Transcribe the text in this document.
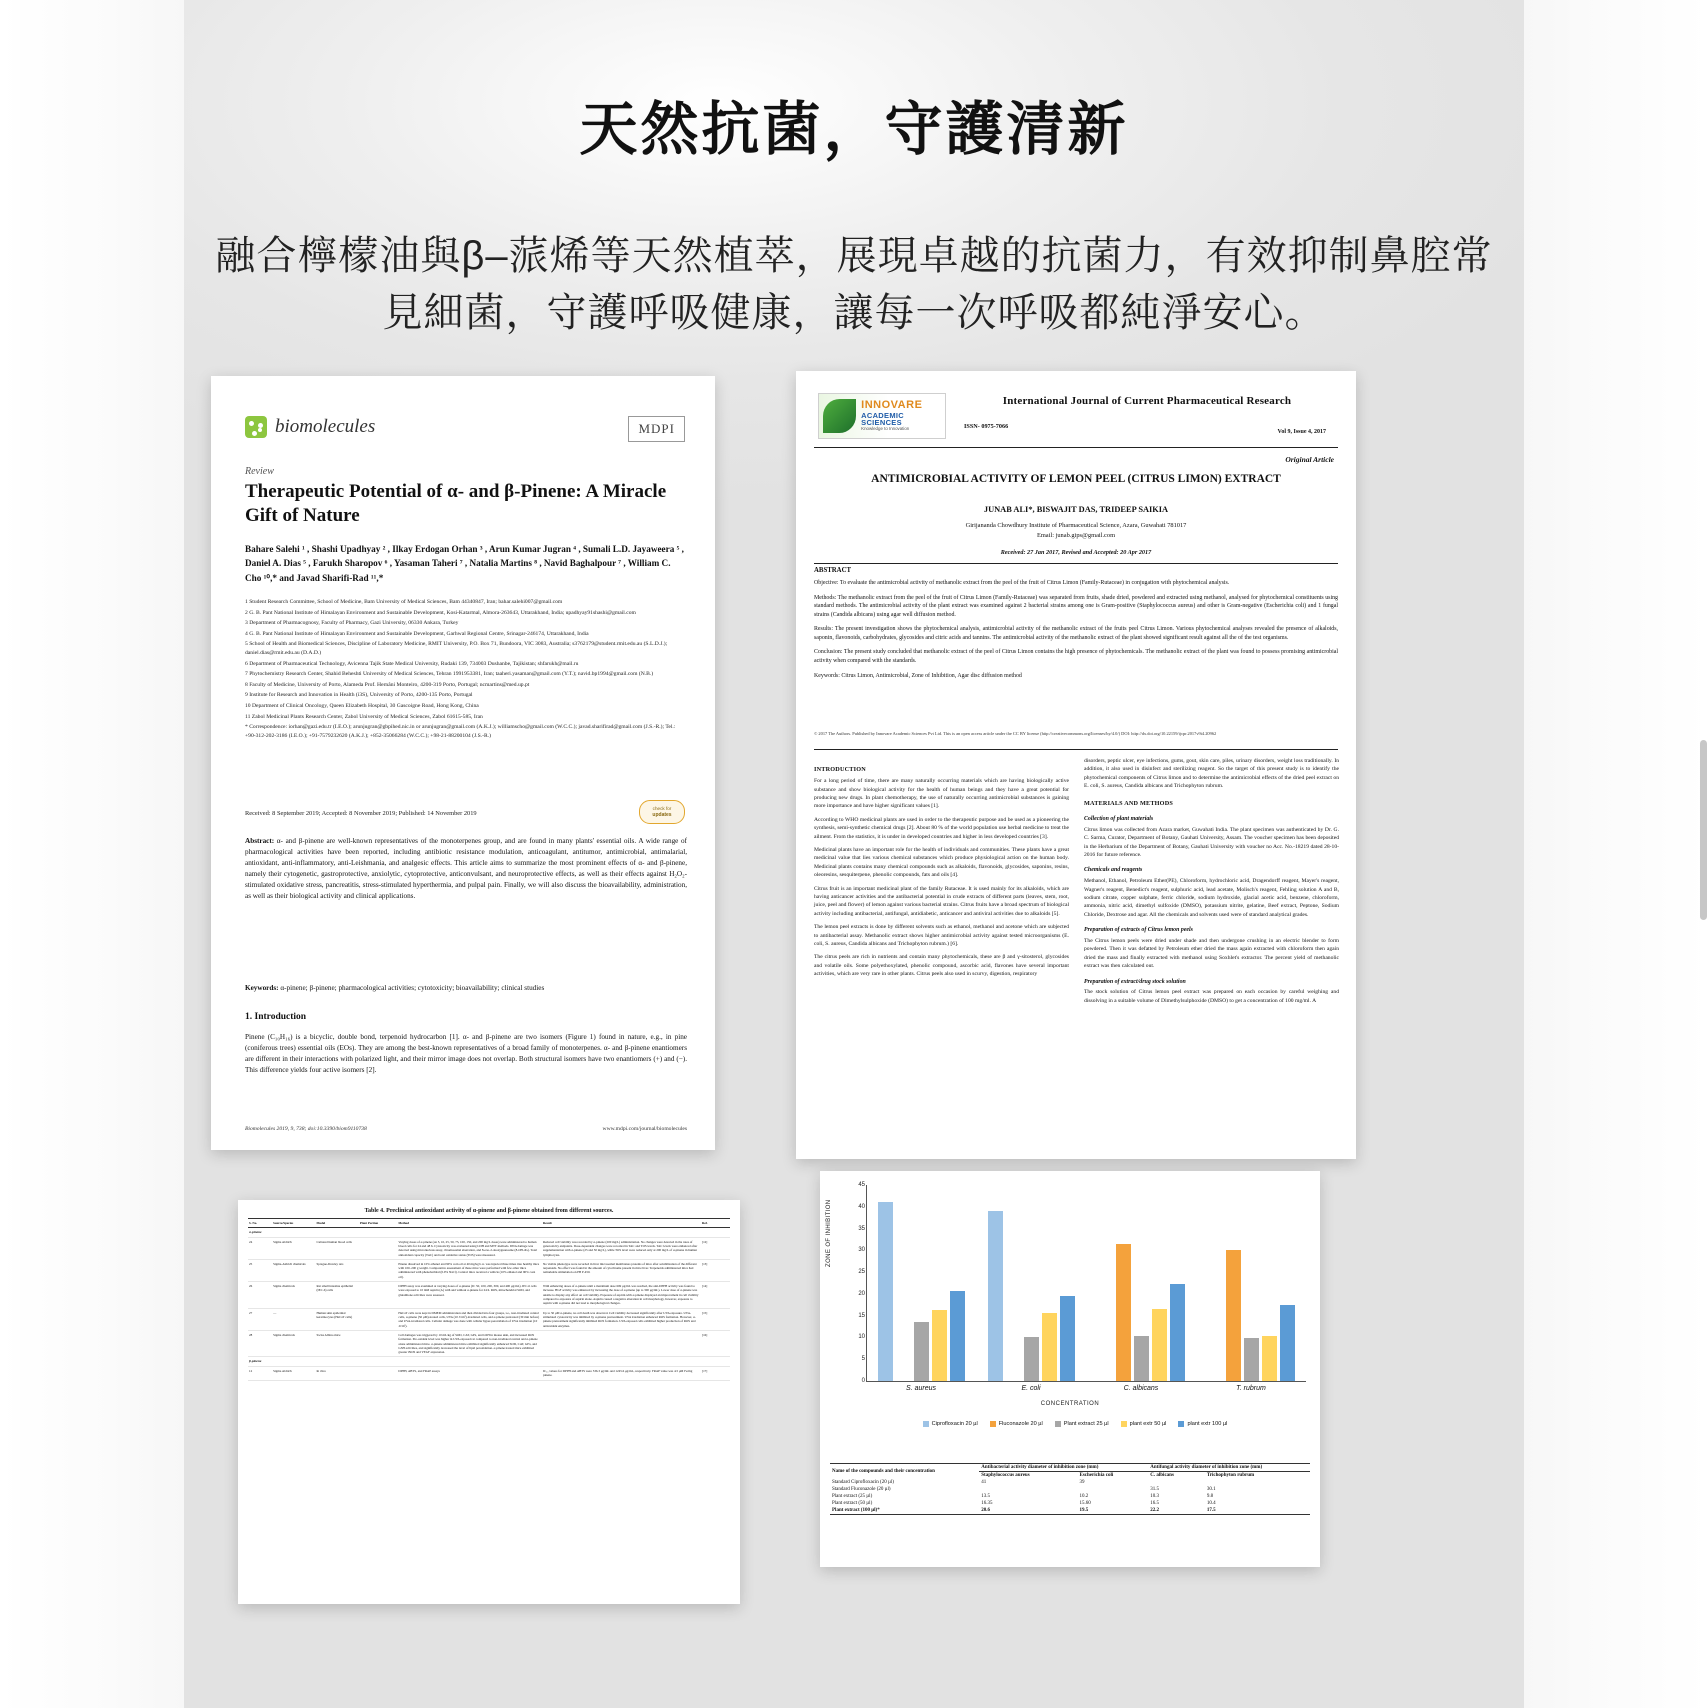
天然抗菌，守護清新
融合檸檬油與β–蒎烯等天然植萃，展現卓越的抗菌力，有效抑制鼻腔常見細菌，守護呼吸健康，讓每一次呼吸都純淨安心。
biomolecules	MDPI
Review
Therapeutic Potential of α- and β-Pinene: A Miracle Gift of Nature
Bahare Salehi ¹ , Shashi Upadhyay ² , Ilkay Erdogan Orhan ³ , Arun Kumar Jugran ⁴ , Sumali L.D. Jayaweera ⁵ , Daniel A. Dias ⁵ , Farukh Sharopov ⁶ , Yasaman Taheri ⁷ , Natalia Martins ⁸ , Navid Baghalpour ⁷ , William C. Cho ¹⁰,* and Javad Sharifi-Rad ¹¹,*
1 Student Research Committee, School of Medicine, Bam University of Medical Sciences, Bam 44340847, Iran; bahar.salehi007@gmail.com
2 G. B. Pant National Institute of Himalayan Environment and Sustainable Development, Kosi-Katarmal, Almora-263643, Uttarakhand, India; upadhyay91shashi@gmail.com
3 Department of Pharmacognosy, Faculty of Pharmacy, Gazi University, 06330 Ankara, Turkey
4 G. B. Pant National Institute of Himalayan Environment and Sustainable Development, Garhwal Regional Centre, Srinagar-246174, Uttarakhand, India
5 School of Health and Biomedical Sciences, Discipline of Laboratory Medicine, RMIT University, P.O. Box 71, Bundoora, VIC 3083, Australia; s3762179@student.rmit.edu.au (S.L.D.J.); daniel.dias@rmit.edu.au (D.A.D.)
6 Department of Pharmaceutical Technology, Avicenna Tajik State Medical University, Rudaki 139, 734003 Dushanbe, Tajikistan; shfarukh@mail.ru
7 Phytochemistry Research Center, Shahid Beheshti University of Medical Sciences, Tehran 1991953381, Iran; taaheri.yasaman@gmail.com (Y.T.); navid.bp1994@gmail.com (N.B.)
8 Faculty of Medicine, University of Porto, Alameda Prof. Hernâni Monteiro, 4200-319 Porto, Portugal; ncmartins@med.up.pt
9 Institute for Research and Innovation in Health (i3S), University of Porto, 4200-135 Porto, Portugal
10 Department of Clinical Oncology, Queen Elizabeth Hospital, 30 Gascoigne Road, Hong Kong, China
11 Zabol Medicinal Plants Research Center, Zabol University of Medical Sciences, Zabol 61615-585, Iran
* Correspondence: iorhan@gazi.edu.tr (I.E.O.); arunjugran@gbpihed.nic.in or arunjugran@gmail.com (A.K.J.); williamscho@gmail.com (W.C.C.); javad.sharifirad@gmail.com (J.S.-R.); Tel.: +90-312-202-3186 (I.E.O.); +91-7579232620 (A.K.J.); +852-35066284 (W.C.C.); +98-21-88200104 (J.S.-R.)
Received: 8 September 2019; Accepted: 8 November 2019; Published: 14 November 2019
check for
updates
Abstract: α- and β-pinene are well-known representatives of the monoterpenes group, and are found in many plants' essential oils. A wide range of pharmacological activities have been reported, including antibiotic resistance modulation, anticoagulant, antitumor, antimicrobial, antimalarial, antioxidant, anti-inflammatory, anti-Leishmania, and analgesic effects. This article aims to summarize the most prominent effects of α- and β-pinene, namely their cytogenetic, gastroprotective, anxiolytic, cytoprotective, anticonvulsant, and neuroprotective effects, as well as their effects against H₂O₂-stimulated oxidative stress, pancreatitis, stress-stimulated hyperthermia, and pulpal pain. Finally, we will also discuss the bioavailability, administration, as well as their biological activity and clinical applications.
Keywords: α-pinene; β-pinene; pharmacological activities; cytotoxicity; bioavailability; clinical studies
1. Introduction
Pinene (C₁₀H₁₆) is a bicyclic, double bond, terpenoid hydrocarbon [1]. α- and β-pinene are two isomers (Figure 1) found in nature, e.g., in pine (coniferous trees) essential oils (EOs). They are among the best-known representatives of a broad family of monoterpenes. α- and β-pinene enantiomers are different in their interactions with polarized light, and their mirror image does not overlap. Both structural isomers have two enantiomers (+) and (−). This difference yields four active isomers [2].
Biomolecules 2019, 9, 738; doi:10.3390/biom9110738	www.mdpi.com/journal/biomolecules
INNOVARE
ACADEMIC SCIENCES
Knowledge to Innovation
International Journal of Current Pharmaceutical Research
ISSN- 0975-7066
Vol 9, Issue 4, 2017
Original Article
ANTIMICROBIAL ACTIVITY OF LEMON PEEL (CITRUS LIMON) EXTRACT
JUNAB ALI*, BISWAJIT DAS, TRIDEEP SAIKIA
Girijananda Chowdhury Institute of Pharmaceutical Science, Azara, Guwahati 781017
Email: junab.gips@gmail.com
Received: 27 Jan 2017, Revised and Accepted: 20 Apr 2017
ABSTRACT

Objective: To evaluate the antimicrobial activity of methanolic extract from the peel of the fruit of Citrus Limon (Family-Rutaceae) in conjugation with phytochemical analysis.

Methods: The methanolic extract from the peel of the fruit of Citrus Limon (Family-Rutaceae) was separated from fruits, shade dried, powdered and extracted using methanol, analysed for phytochemical constituents using standard methods. The antimicrobial activity of the plant extract was examined against 2 bacterial strains among one is Gram-positive (Staphylococcus aureus) and other is Gram-negative (Escherichia coli) and 1 fungal strains (Candida albicans) using agar well diffusion method.

Results: The present investigation shows the phytochemical analysis, antimicrobial activity of the methanolic extract of the fruits peel Citrus Limon. Various phytochemical analyses revealed the presence of alkaloids, saponin, flavonoids, carbohydrates, glycosides and citric acids and tannins. The antimicrobial activity of the methanolic extract of the plant showed significant result against all the of the test organisms.

Conclusion: The present study concluded that methanolic extract of the peel of Citrus Limon contains the high presence of phytochemicals. The methanolic extract of the plant was found to possess promising antimicrobial activity when compared with the standards.

Keywords: Citrus Limon, Antimicrobial, Zone of Inhibition, Agar disc diffusion method

© 2017 The Authors. Published by Innovare Academic Sciences Pvt Ltd. This is an open access article under the CC BY license (http://creativecommons.org/licenses/by/4.0/) DOI: http://dx.doi.org/10.22159/ijcpr.2017v9i4.20962
INTRODUCTION

For a long period of time, there are many naturally occurring materials which are having biologically active substance and show biological activity for the health of human beings and they have a great potential for producing new drugs. In plant chemotherapy, the use of naturally occurring antimicrobial substances is gaining more importance and have higher significant values [1].

According to WHO medicinal plants are used in order to the therapeutic purpose and be used as a pioneering the synthesis, semi-synthetic chemical drugs [2]. About 80 % of the world population use herbal medicine to treat the ailment. From the statistics, it is under in developed countries and higher in less developed countries [3].

Medicinal plants have an important role for the health of individuals and communities. These plants have a great medicinal value that lies various chemical substances which produce physiological action on the human body. Medicinal plants contains many chemical compounds such as alkaloids, flavonoids, glycosides, saponins, resins, oleoresins, sesquiterpene, phenolic compounds, fats and oils [4].

Citrus fruit is an important medicinal plant of the family Rutaceae. It is used mainly for its alkaloids, which are having anticancer activities and the antibacterial potential in crude extracts of different parts (leaves, stem, root, juice, peel and flower) of lemon against various bacterial strains. Citrus fruits have a broad spectrum of biological activity including antibacterial, antifungal, antidiabetic, anticancer and antiviral activities due to alkaloids [5].

The lemon peel extracts is done by different solvents such as ethanol, methanol and acetone which are subjected to antibacterial assay. Methanolic extract shows higher antimicrobial activity against tested microorganisms (E. coli, S. aureus, Candida albicans and Trichophyton rubrum.) [6].

The citrus peels are rich in nutrients and contain many phytochemicals, these are β and γ-sitosterol, glycosides and volatile oils. Some polyethoxylated, phenolic compound, ascorbic acid, flavones have several important activities, which are very rare in other plants. Citrus peels also used in scurvy, digestion, respiratory

disorders, peptic ulcer, eye infections, gums, gout, skin care, piles, urinary disorders, weight loss traditionally. In addition, it also used in disinfect and sterilizing reagent. So the target of this present study is to identify the phytochemical components of Citrus limon and to determine the antimicrobial effects of the dried peel extract on E. coli, S. aureus, Candida albicans and Trichophyton rubrum.

MATERIALS AND METHODS
Collection of plant materials

Citrus limon was collected from Azara market, Guwahati India. The plant specimen was authenticated by Dr. G. C. Sarma, Curator, Department of Botany, Gauhati University, Assam. The voucher specimen has been deposited in the Herbarium of the Department of Botany, Gauhati University with voucher no Acc. No.-18219 dated 28-10-2016 for future reference.

Chemicals and reagents

Methanol, Ethanol, Petroleum Ether(PE), Chloroform, hydrochloric acid, Dragendorff reagent, Mayer's reagent, Wagner's reagent, Benedict's reagent, sulphuric acid, lead acetate, Molisch's reagent, Fehling solution A and B, sodium citrate, copper sulphate, ferric chloride, sodium hydroxide, glacial acetic acid, benzene, chloroform, ammonia, nitric acid, dimethyl sulfoxide (DMSO), potassium nitrite, gelatine, Beef extract, Peptone, Sodium Chloride, Dextrose and agar. All the chemicals and solvents used were of standard analytical grades.

Preparation of extracts of Citrus lemon peels

The Citrus lemon peels were dried under shade and then undergone crushing in an electric blender to form powdered. Then it was defatted by Petroleum ether dried the mass again extracted with chloroform then again dried the mass and finally extracted with methanol using Soxhlet's extractor. The percent yield of methanolic extract was then calculated out.

Preparation of extract/drug stock solution

The stock solution of Citrus lemon peel extract was prepared on each occasion by careful weighing and dissolving in a suitable volume of Dimethylsulphoxide (DMSO) to get a concentration of 100 mg/ml. A

Table 4. Preclinical antioxidant activity of α-pinene and β-pinene obtained from different sources.
S. No.	Source/Species	Model	Plant Portion	Method	Result	Ref.
α-pinene						
24	Sigma Aldrich	Cultured human blood cells		Varying doses of α-pinene (on 5, 10, 25, 50, 75, 100, 150, and 200 mg/L doses) were administered to human blood cells for 24 and 48 h. Cytotoxicity was evaluated using LDH and MTT methods. DNA damage was detected using micronucleus assay, chromosomal aberration, and 8-oxo-2-deoxyguanosine (8-OH-dG). Total antioxidant capacity (TAC) and total oxidative status (TOS) were measured.	Reduced cell viability was recorded by α-pinene (200 mg/L) administration. No changes were detected in the rates of genotoxicity endpoints. Dose-dependent changes were recorded in TAC and TOS levels. TAC levels were enhanced after supplementation with α-pinene (25 and 50 mg/L), while TOS level were reduced only at 200 mg/L of α-pinene in human lymphocytes.	[12]
25	Sigma-Aldrich chemicals	Sprague-Dawley rats		Pinene dissolved in 10% ethanol and 90% corn oil at 40 mg/kg b.w. was injected three times into healthy mice with 100–200 g weight. Comparative assessment of these mice were performed with few other mice administered with phenobarbital (0.9% NaCl). Control mice received a vehicle (10% ethanol and 90% corn oil).	No visible phenotype were recorded in liver microsomal membranes proteins of mice after solubilization of the different terpenoids. No effect was found in the amount of cytochrome present in mice liver. Terpenoids administered mice had remarkable stimulation on PB P-450.	[13]
26	Sigma chemicals	Rat small intestine epithelial (IEC-6) cells		DPPH assay was examined at varying doses of α-pinene (IC 50, 100, 200, 300, and 400 μg/mL). IEC-6 cells were exposed to 10 mM aspirin (A) with and without α-pinene for 24 h. ROS, mitochondrial SOD, and glutathione activities were assessed.	With enhancing doses of α-pinene until a maximum dose 669 μg/mL was reached, the anti-DPPH activity was found to increase. HGF activity was enhanced by increasing the dose of α-pinene (up to 300 μg/mL). Lower dose of α-pinene was unable to display any effect on cell viability. Exposure of aspirin with α-pinene displayed an improvement in cell viability compared to exposure of aspirin alone. Aspirin caused a negative alteration in cell morphology, however, exposure to aspirin with α-pinene did not lead to morphological changes.	[14]
27	—	Human skin epidermal keratinocytes (HaCaT cells)		HaCaT cells were kept in DMEM administration and then divided into four groups, i.e., non-irradiated control cells, α-pinene (50 μM)-treated cells, UVA (10 J/cm²)-irradiated cells, and α-pinene pretreated (30 min before) and UVA-irradiated cells. Cellular damage was done with cellular hyper-peroxidation of UVA irradiation (10 J/cm²).	Up to 50 μM α-pinene, no cell death was observed. Cell viability decreased significantly after UVA exposure. UVA-stimulated cytotoxicity was inhibited by α-pinene pretreatment. UVA irradiation enhanced ROS formation. However, α-pinene pretreatment significantly inhibited ROS formation. UVA exposed cells exhibited higher production of ROS and antioxidant enzymes.	[15]
28	Sigma chemicals	Swiss Albino mice		Cell damages was triggered by 10 mL/kg of SOD, CAT, GPx, and GSH in mouse skin, and increased ROS formation. Pre-oxidant level was higher in UVA exposed rat compared to non-irradiated control and α-pinene alone administered mice. α-pinene administered mice exhibited significantly enhanced SOD, CAT, GPx, and GSH activities, and significantly decreased the level of lipid peroxidation. α-pinene treated mice exhibited greater iNOS and VEGF expression.		[16]
β-pinene						
12	Sigma Aldrich	In vitro		DPPH, ABTS, and FRAP assays	IC₅₀ values for DPPH and ABTS were 536.3 μg/mL and 1245.6 μg/mL, respectively. FRAP value was 4.5 μM Fe/mg pinene.	[17]
ZONE OF INHIBITION
0
5
10
15
20
25
30
35
40
45
S. aureus	E. coli	C. albicans	T. rubrum
CONCENTRATION
Ciprofloxacin 20 µl	Fluconazole 20 µl	Plant extract 25 µl	plant extr 50 µl	plant extr 100 µl
Name of the compounds and their concentration	Antibacterial activity diameter of inhibition zone (mm)		Antifungal activity diameter of inhibition zone (mm)	
	Staphylococcus aureus	Escherichia coli	C. albicans	Trichophyton rubrum
Standard Ciprofloxacin (20 µl)	41	39		
Standard Fluconazole (20 µl)			31.5	30.1
Plant extract (25 µl)	13.5	10.2	10.3	9.8
Plant extract (50 µl)	16.35	15.60	16.5	10.4
Plant extract (100 µl)*	20.6	19.5	22.2	17.5
